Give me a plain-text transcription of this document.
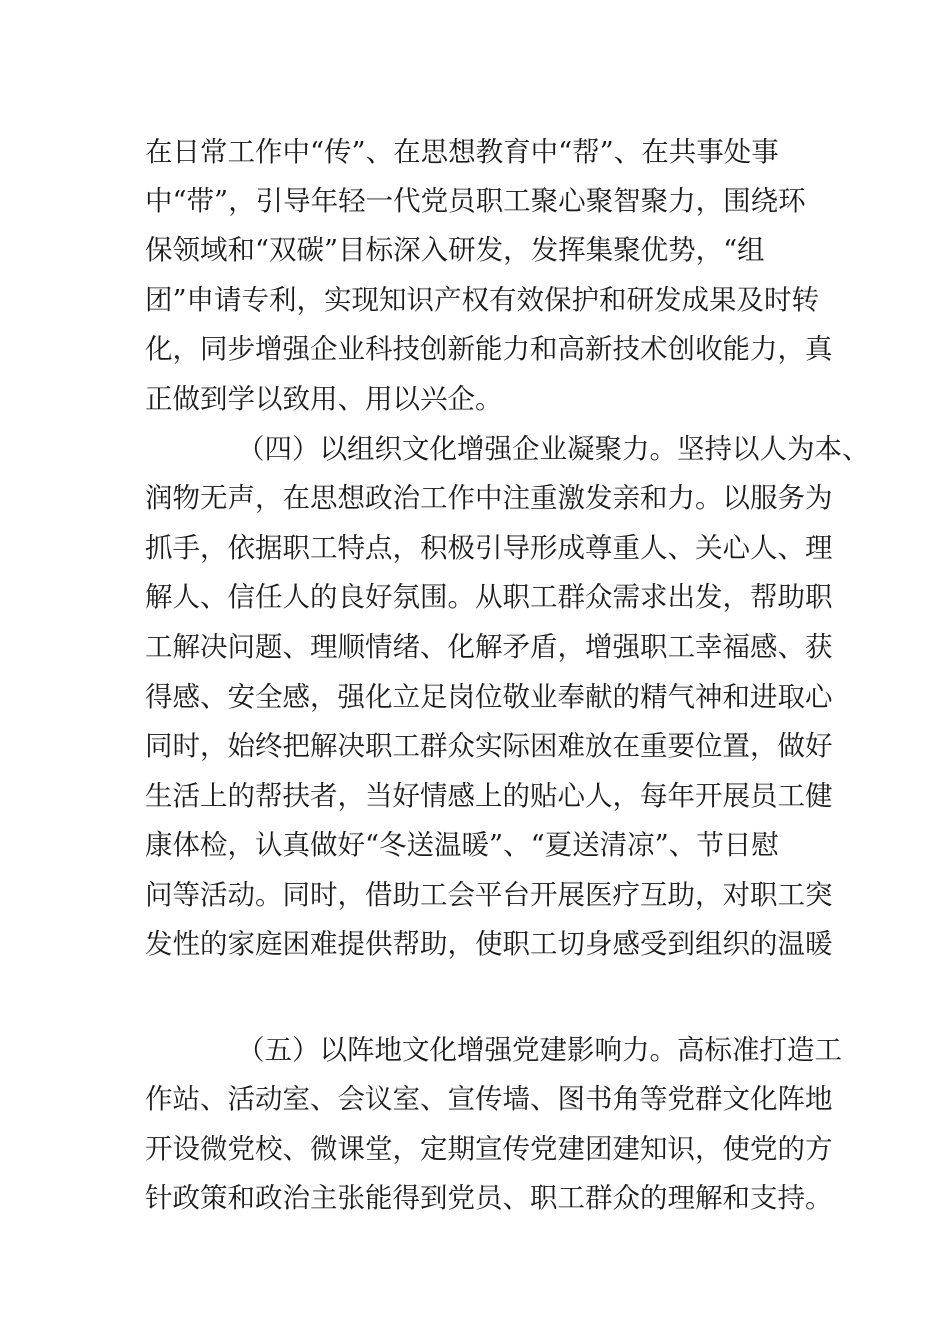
在日常工作中“传”、在思想教育中“帮”、在共事处事
中“带”，引导年轻一代党员职工聚心聚智聚力，围绕环
保领域和“双碳”目标深入研发，发挥集聚优势，“组
团”申请专利，实现知识产权有效保护和研发成果及时转
化，同步增强企业科技创新能力和高新技术创收能力，真
正做到学以致用、用以兴企。
（四）以组织文化增强企业凝聚力。坚持以人为本、
润物无声，在思想政治工作中注重激发亲和力。以服务为
抓手，依据职工特点，积极引导形成尊重人、关心人、理
解人、信任人的良好氛围。从职工群众需求出发，帮助职
工解决问题、理顺情绪、化解矛盾，增强职工幸福感、获
得感、安全感，强化立足岗位敬业奉献的精气神和进取心
同时，始终把解决职工群众实际困难放在重要位置，做好
生活上的帮扶者，当好情感上的贴心人，每年开展员工健
康体检，认真做好“冬送温暖”、“夏送清凉”、节日慰
问等活动。同时，借助工会平台开展医疗互助，对职工突
发性的家庭困难提供帮助，使职工切身感受到组织的温暖
（五）以阵地文化增强党建影响力。高标准打造工
作站、活动室、会议室、宣传墙、图书角等党群文化阵地
开设微党校、微课堂，定期宣传党建团建知识，使党的方
针政策和政治主张能得到党员、职工群众的理解和支持。
